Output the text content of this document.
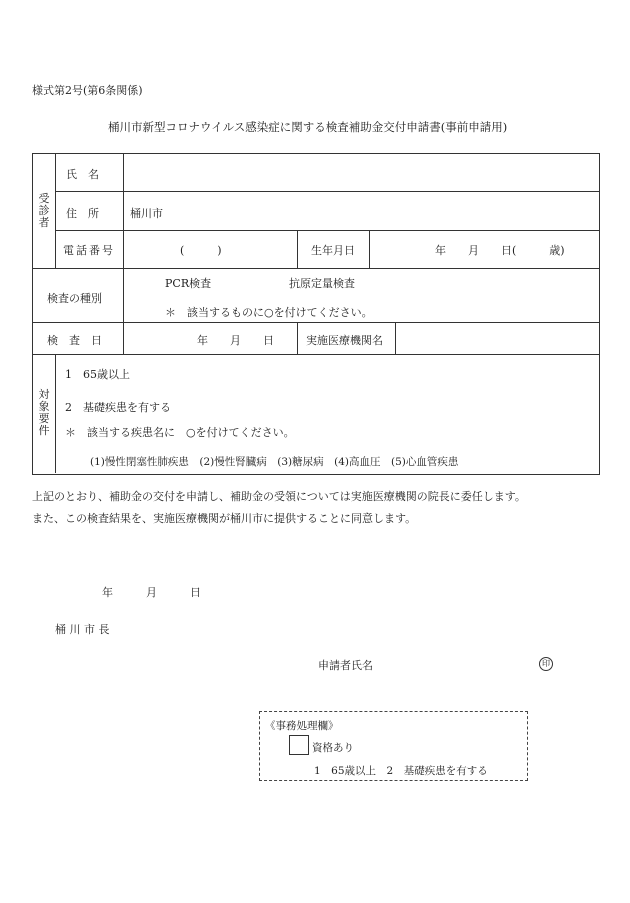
様式第2号(第6条関係)
桶川市新型コロナウイルス感染症に関する検査補助金交付申請書(事前申請用)
受
診
者
氏　名
住　所	桶川市
電話番号	(　　　)	生年月日	年　　月　　日(　　　歳)
検査の種別
PCR検査	抗原定量検査
＊　該当するものに○を付けてください。
検　査　日	年　　月　　日	実施医療機関名
対
象
要
件
1　65歳以上
2　基礎疾患を有する
＊　該当する疾患名に　○を付けてください。
(1)慢性閉塞性肺疾患　(2)慢性腎臓病　(3)糖尿病　(4)高血圧　(5)心血管疾患
上記のとおり、補助金の交付を申請し、補助金の受領については実施医療機関の院長に委任します。
また、この検査結果を、実施医療機関が桶川市に提供することに同意します。
年　　　月　　　日
桶 川 市 長
申請者氏名	印
《事務処理欄》
資格あり
1　65歳以上　2　基礎疾患を有する
